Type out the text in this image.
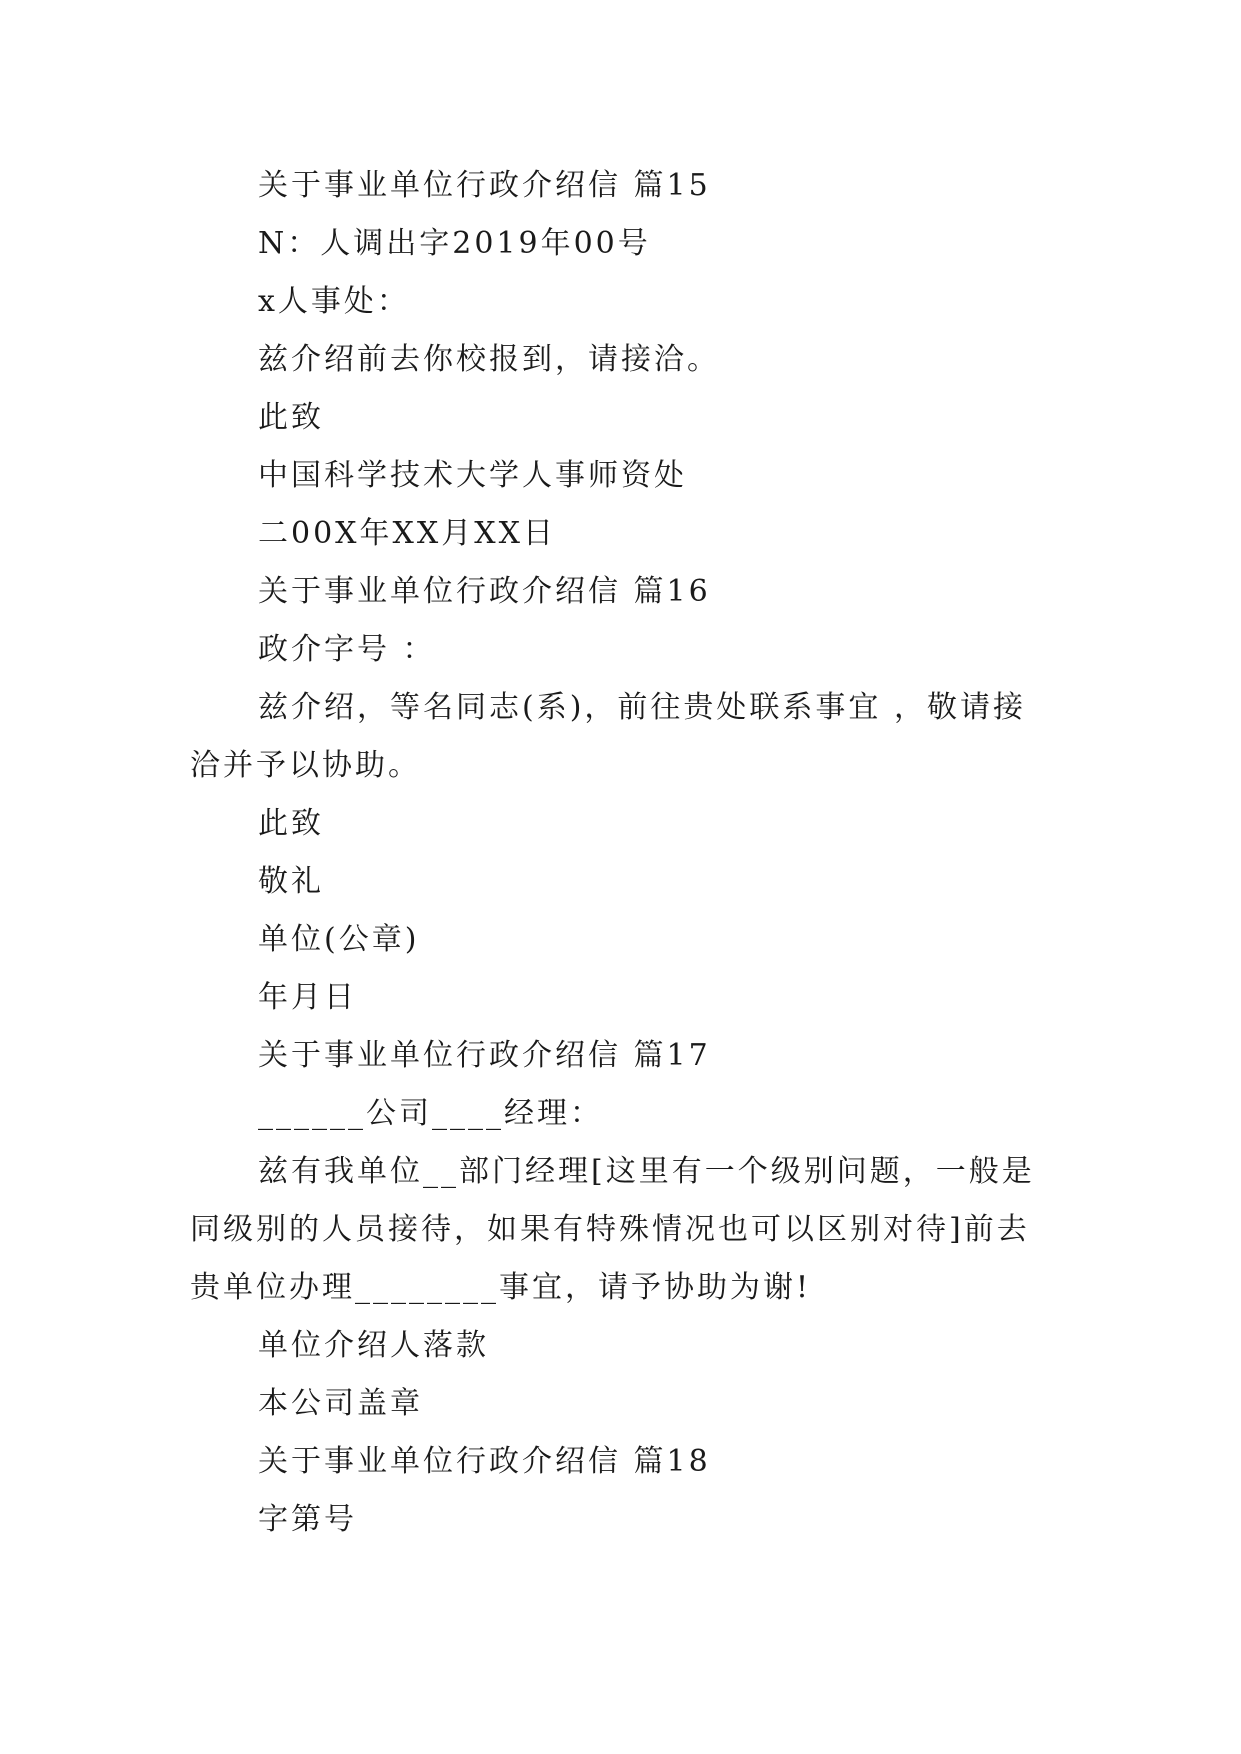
关于事业单位行政介绍信 篇15
N：人调出字2019年00号
x人事处：
兹介绍前去你校报到，请接洽。
此致
中国科学技术大学人事师资处
二00X年XX月XX日
关于事业单位行政介绍信 篇16
政介字号 ：
兹介绍，等名同志(系)，前往贵处联系事宜 ，敬请接
洽并予以协助。
此致
敬礼
单位(公章)
年月日
关于事业单位行政介绍信 篇17
______公司____经理：
兹有我单位__部门经理[这里有一个级别问题，一般是
同级别的人员接待，如果有特殊情况也可以区别对待]前去
贵单位办理________事宜，请予协助为谢!
单位介绍人落款
本公司盖章
关于事业单位行政介绍信 篇18
字第号
